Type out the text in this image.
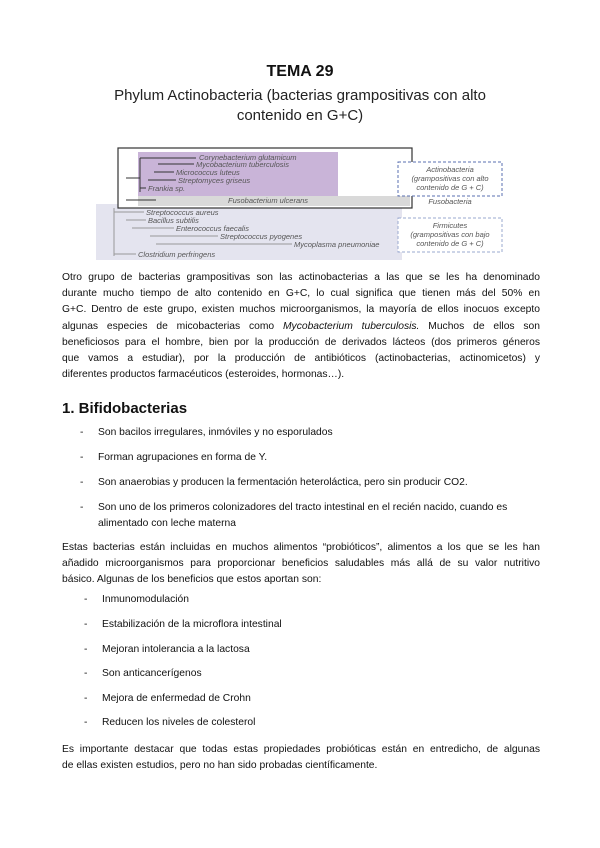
TEMA 29
Phylum Actinobacteria (bacterias grampositivas con alto contenido en G+C)
Corynebacterium glutamicum
Mycobacterium tuberculosis
Micrococcus luteus
Streptomyces griseus
Frankia sp.
Fusobacterium ulcerans
Streptococcus aureus
Bacillus subtilis
Enterococcus faecalis
Streptococcus pyogenes
Mycoplasma pneumoniae
Clostridium perfringens
Actinobacteria
(grampositivas con alto
contenido de G + C)
Fusobacteria
Firmicutes
(grampositivas con bajo
contenido de G + C)
Otro grupo de bacterias grampositivas son las actinobacterias a las que se les ha denominado
durante mucho tiempo de alto contenido en G+C, lo cual significa que tienen más del 50% en
G+C. Dentro de este grupo, existen muchos microorganismos, la mayoría de ellos inocuos excepto
algunas especies de micobacterias como Mycobacterium tuberculosis. Muchos de ellos son
beneficiosos para el hombre, bien por la producción de derivados lácteos (dos primeros géneros
que vamos a estudiar), por la producción de antibióticos (actinobacterias, actinomicetos) y
diferentes productos farmacéuticos (esteroides, hormonas…).
1. Bifidobacterias
- Son bacilos irregulares, inmóviles y no esporulados
- Forman agrupaciones en forma de Y.
- Son anaerobias y producen la fermentación heteroláctica, pero sin producir CO2.
- Son uno de los primeros colonizadores del tracto intestinal en el recién nacido, cuando es
alimentado con leche materna
Estas bacterias están incluidas en muchos alimentos “probióticos”, alimentos a los que se les han
añadido microorganismos para proporcionar beneficios saludables más allá de su valor nutritivo
básico. Algunas de los beneficios que estos aportan son:
- Inmunomodulación
- Estabilización de la microflora intestinal
- Mejoran intolerancia a la lactosa
- Son anticancerígenos
- Mejora de enfermedad de Crohn
- Reducen los niveles de colesterol
Es importante destacar que todas estas propiedades probióticas están en entredicho, de algunas
de ellas existen estudios, pero no han sido probadas científicamente.
